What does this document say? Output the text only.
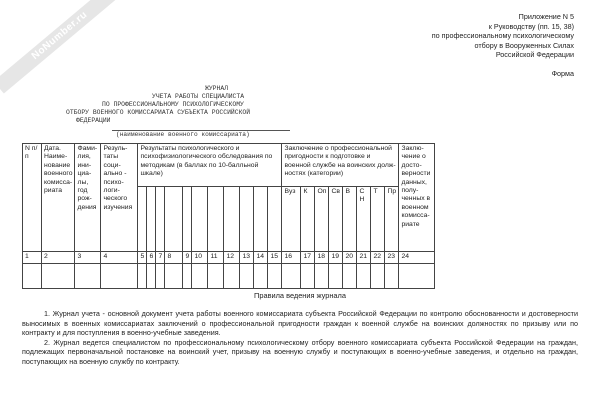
NoNumber.ru	Приложение N 5
к Руководству (пп. 15, 38)
по профессиональному психологическому
отбору в Вооруженных Силах
Российской Федерации
Форма
ЖУРНАЛ
УЧЕТА РАБОТЫ СПЕЦИАЛИСТА
ПО ПРОФЕССИОНАЛЬНОМУ ПСИХОЛОГИЧЕСКОМУ
ОТБОРУ ВОЕННОГО КОМИССАРИАТА СУБЪЕКТА РОССИЙСКОЙ
ФЕДЕРАЦИИ
(наименование военного комиссариата)
N п/п	Дата. Наименование военного комиссариата	Фамилия, инициалы, год рождения	Результаты социально - психологического изучения	Результаты психологического и психофизиологического обследования по методикам (в баллах по 10-балльной шкале)											Заключение о профессиональной пригодности к подготовке и военной службе на воинских должностях (категории)								Заключение о достоверности данных, полученных в военном комиссaриате
															Вуз	К	Оп	Св	В	С Н	Т	Пр	
1	2	3	4	5	6	7	8	9	10	11	12	13	14	15	16	17	18	19	20	21	22	23	24

Правила ведения журнала

1. Журнал учета - основной документ учета работы военного комиссариата субъекта Российской Федерации по контролю обоснованности и достоверности выносимых в военных комиссариатах заключений о профессиональной пригодности граждан к военной службе на воинских должностях по призыву или по контракту и для поступления в военно-учебные заведения.

2. Журнал ведется специалистом по профессиональному психологическому отбору военного комиссариата субъекта Российской Федерации на граждан, подлежащих первоначальной постановке на воинский учет, призыву на военную службу и поступающих в военно-учебные заведения, и отдельно на граждан, поступающих на военную службу по контракту.
